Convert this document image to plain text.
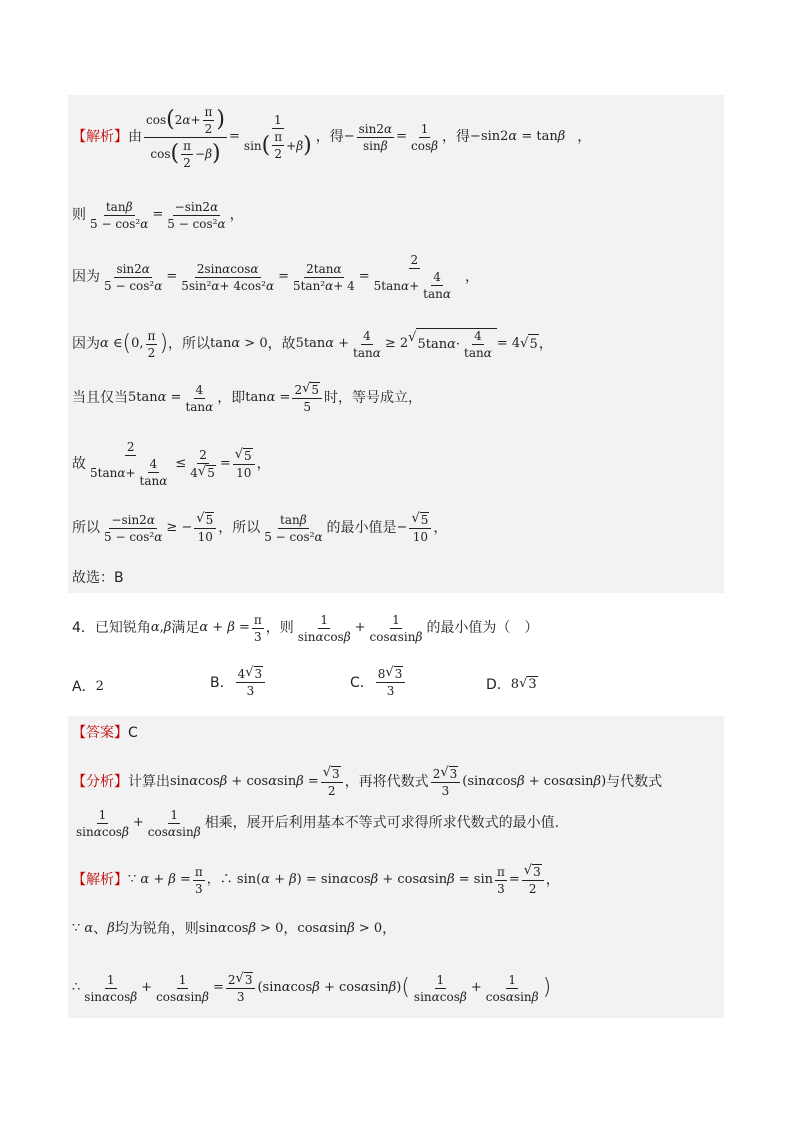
【解析】 由 $\frac{\cos ( 2 \alpha + \frac{\pi}{2} )}{\cos ( \frac{\pi}{2} - \beta )} = \frac{1}{\sin ( \frac{\pi}{2} + \beta )}$ ，得 − $\frac{\sin 2 \alpha}{\text{sin β}} = \frac{1}{\text{cos β}}$ ，得 −sin2α = tanβ ，
则 $\frac{\text{tan β}}{\text{5 − cos² α}} = \frac{-\sin 2 \alpha}{\text{5 − cos² α}}$ ，
因为 $\frac{\sin 2 \alpha}{\text{5 − cos² α}} = \frac{\text{2sin α cos α}}{\text{5sin² α + 4cos² α}} = \frac{\text{2tan α}}{\text{5tan² α + 4}} = \frac{2}{5\tan \alpha + \frac{4}{\text{tan α}}}$ ，
因为 α ∈ ( 0, $\frac{\pi}{2}$ ) ，所以 tanα > 0 ，故 $5\tan\alpha + \frac{4}{\text{tan α}} \ge 2$ √ 5tan $\alpha \cdot \frac{4}{\text{tan α}} = 4$ √ 5 ，
当且仅当 $5\tan\alpha = \frac{4}{\text{tan α}}$ ，即 $\tan\alpha = \frac{2 √ 5}{5}$ 时，等号成立，
故 $\frac{2}{5\tan \alpha + \frac{4}{\text{tan α}}} \le \frac{2}{4 √ 5} = \frac{√ 5}{10}$ ，
所以 $\frac{-\sin 2 \alpha}{\text{5 − cos² α}}$ ≥ − $\frac{√ 5}{10}$ ，所以 $\frac{\text{tan β}}{\text{5 − cos² α}}$ 的最小值是 − $\frac{√ 5}{10}$ ，
故选：B
4．已知锐角 α,β 满足 $\alpha + \beta = \frac{\pi}{3}$ ，则 $\frac{1}{\text{sin α cos β}} + \frac{1}{\text{cos α sin β}}$ 的最小值为（　）
A． 2	B． $\frac{4 √ 3}{3}$	C． $\frac{8 √ 3}{3}$	D． 8 √ 3
【答案】 C
【分析】 计算出 $\sin\alpha\cos\beta + \cos\alpha\sin\beta = \frac{√ 3}{2}$ ，再将代数式 $\frac{2 √ 3}{3} (\sin\alpha\cos\beta + \cos\alpha\sin\beta)$ 与代数式
$\frac{1}{\text{sin α cos β}} + \frac{1}{\text{cos α sin β}}$ 相乘，展开后利用基本不等式可求得所求代数式的最小值.
【解析】 ∵ $\alpha + \beta = \frac{\pi}{3}$ ，∴ $\sin(\alpha + \beta) = \sin\alpha\cos\beta + \cos\alpha\sin\beta = \sin \frac{\pi}{3} = \frac{√ 3}{2}$ ，
∵ α 、 β 均为锐角，则 sinαcosβ > 0 ， cosαsinβ > 0 ，
∴ $\frac{1}{\text{sin α cos β}} + \frac{1}{\text{cos α sin β}} = \frac{2 √ 3}{3} (\sin\alpha\cos\beta + \cos\alpha\sin\beta)$ ( $\frac{1}{\text{sin α cos β}} + \frac{1}{\text{cos α sin β}}$ )
